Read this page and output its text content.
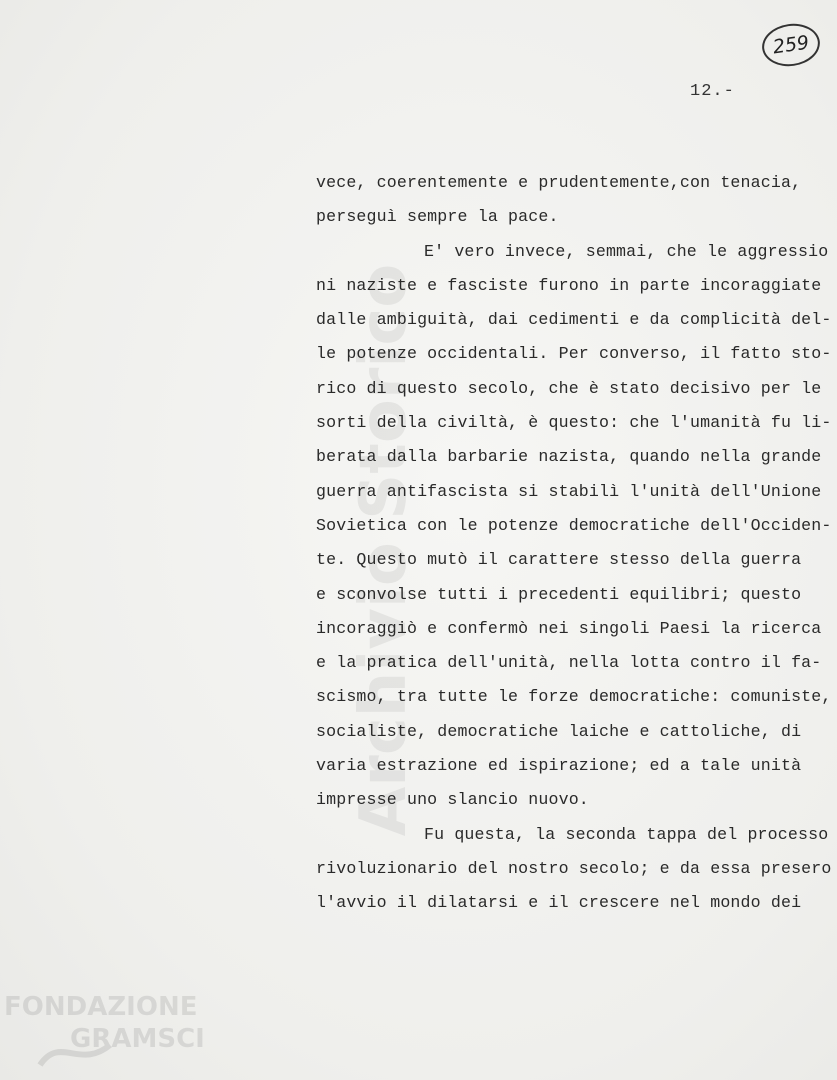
Archivio Storico
FONDAZIONE
GRAMSCI
259
12.-
vece, coerentemente e prudentemente,con tenacia,
perseguì sempre la pace.
E' vero invece, semmai, che le aggressio
ni naziste e fasciste furono in parte incoraggiate
dalle ambiguità, dai cedimenti e da complicità del-
le potenze occidentali. Per converso, il fatto sto-
rico di questo secolo, che è stato decisivo per le
sorti della civiltà, è questo: che l'umanità fu li-
berata dalla barbarie nazista, quando nella grande
guerra antifascista si stabilì l'unità dell'Unione
Sovietica con le potenze democratiche dell'Occiden-
te. Questo mutò il carattere stesso della guerra
e sconvolse tutti i precedenti equilibri; questo
incoraggiò e confermò nei singoli Paesi la ricerca
e la pratica dell'unità, nella lotta contro il fa-
scismo, tra tutte le forze democratiche: comuniste,
socialiste, democratiche laiche e cattoliche, di
varia estrazione ed ispirazione; ed a tale unità
impresse uno slancio nuovo.
Fu questa, la seconda tappa del processo
rivoluzionario del nostro secolo; e da essa presero
l'avvio il dilatarsi e il crescere nel mondo dei
